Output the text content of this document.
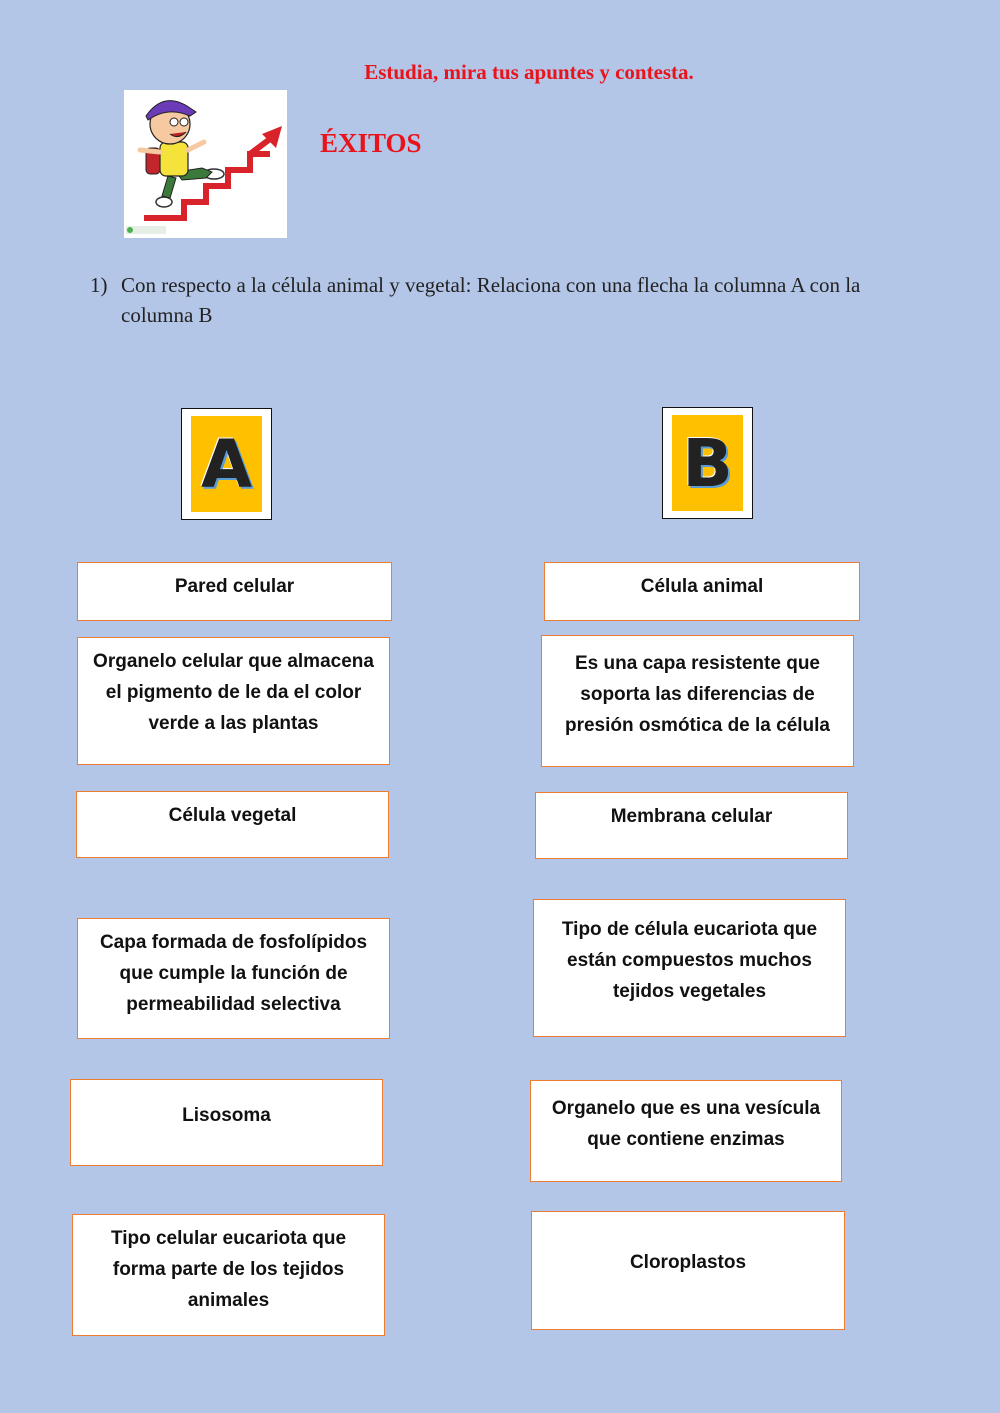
Estudia, mira tus apuntes y contesta.
ÉXITOS
1) Con respecto a la célula animal y vegetal: Relaciona con una flecha la columna A con la columna B
A	B
Pared celular
Organelo celular que almacena el pigmento de le da el color verde a las plantas
Célula vegetal
Capa formada de fosfolípidos que cumple la función de permeabilidad selectiva
Lisosoma
Tipo celular eucariota que forma parte de los tejidos animales
Célula animal
Es una capa resistente que soporta las diferencias de presión osmótica de la célula
Membrana celular
Tipo de célula eucariota que están compuestos muchos tejidos vegetales
Organelo que es una vesícula que contiene enzimas
Cloroplastos
